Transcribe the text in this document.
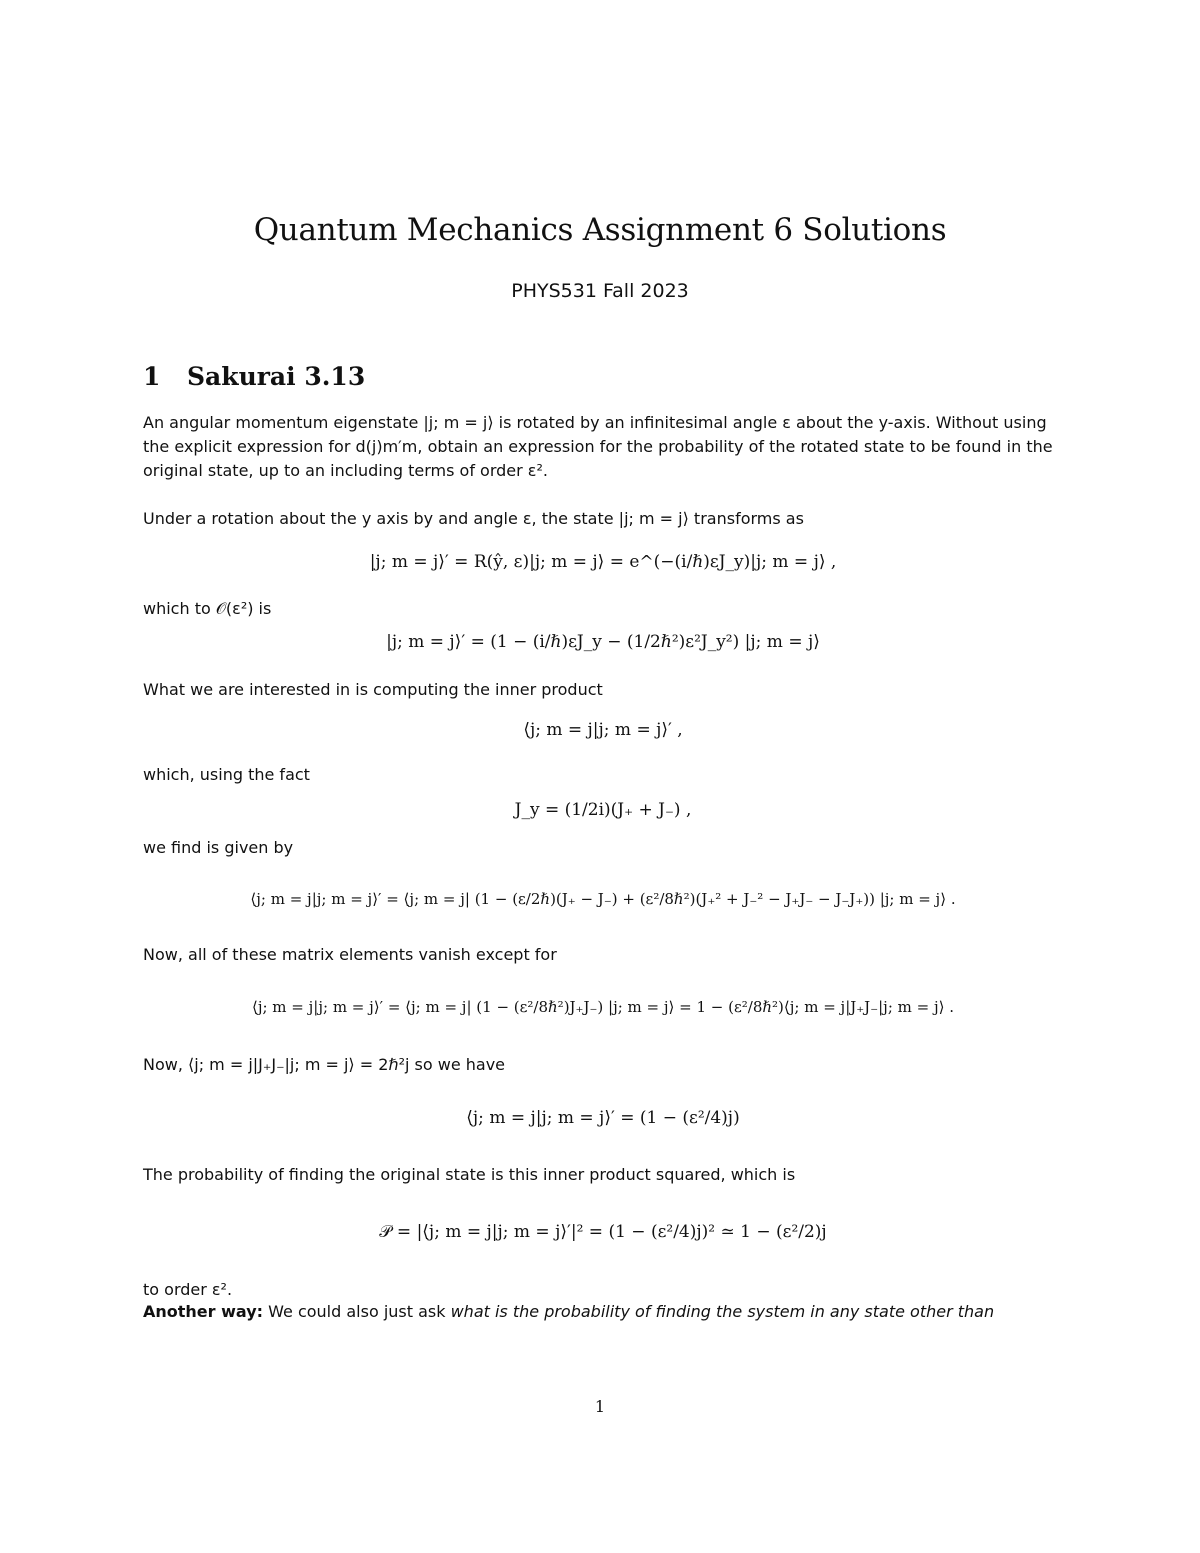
Quantum Mechanics Assignment 6 Solutions
PHYS531 Fall 2023
1 Sakurai 3.13

An angular momentum eigenstate |j; m = j⟩ is rotated by an infinitesimal angle ε about the y-axis. Without using the explicit expression for d(j)m′m, obtain an expression for the probability of the rotated state to be found in the original state, up to an including terms of order ε².

Under a rotation about the y axis by and angle ε, the state |j; m = j⟩ transforms as

|j; m = j⟩′ = R(ŷ, ε)|j; m = j⟩ = e^(−(i/ℏ)εJ_y)|j; m = j⟩ ,

which to 𝒪(ε²) is

|j; m = j⟩′ = (1 − (i/ℏ)εJ_y − (1/2ℏ²)ε²J_y²) |j; m = j⟩

What we are interested in is computing the inner product

⟨j; m = j|j; m = j⟩′ ,

which, using the fact

J_y = (1/2i)(J₊ + J₋) ,

we find is given by

⟨j; m = j|j; m = j⟩′ = ⟨j; m = j| (1 − (ε/2ℏ)(J₊ − J₋) + (ε²/8ℏ²)(J₊² + J₋² − J₊J₋ − J₋J₊)) |j; m = j⟩ .

Now, all of these matrix elements vanish except for

⟨j; m = j|j; m = j⟩′ = ⟨j; m = j| (1 − (ε²/8ℏ²)J₊J₋) |j; m = j⟩ = 1 − (ε²/8ℏ²)⟨j; m = j|J₊J₋|j; m = j⟩ .

Now, ⟨j; m = j|J₊J₋|j; m = j⟩ = 2ℏ²j so we have

⟨j; m = j|j; m = j⟩′ = (1 − (ε²/4)j)

The probability of finding the original state is this inner product squared, which is

𝒫 = |⟨j; m = j|j; m = j⟩′|² = (1 − (ε²/4)j)² ≃ 1 − (ε²/2)j

to order ε².

Another way: We could also just ask what is the probability of finding the system in any state other than

1
